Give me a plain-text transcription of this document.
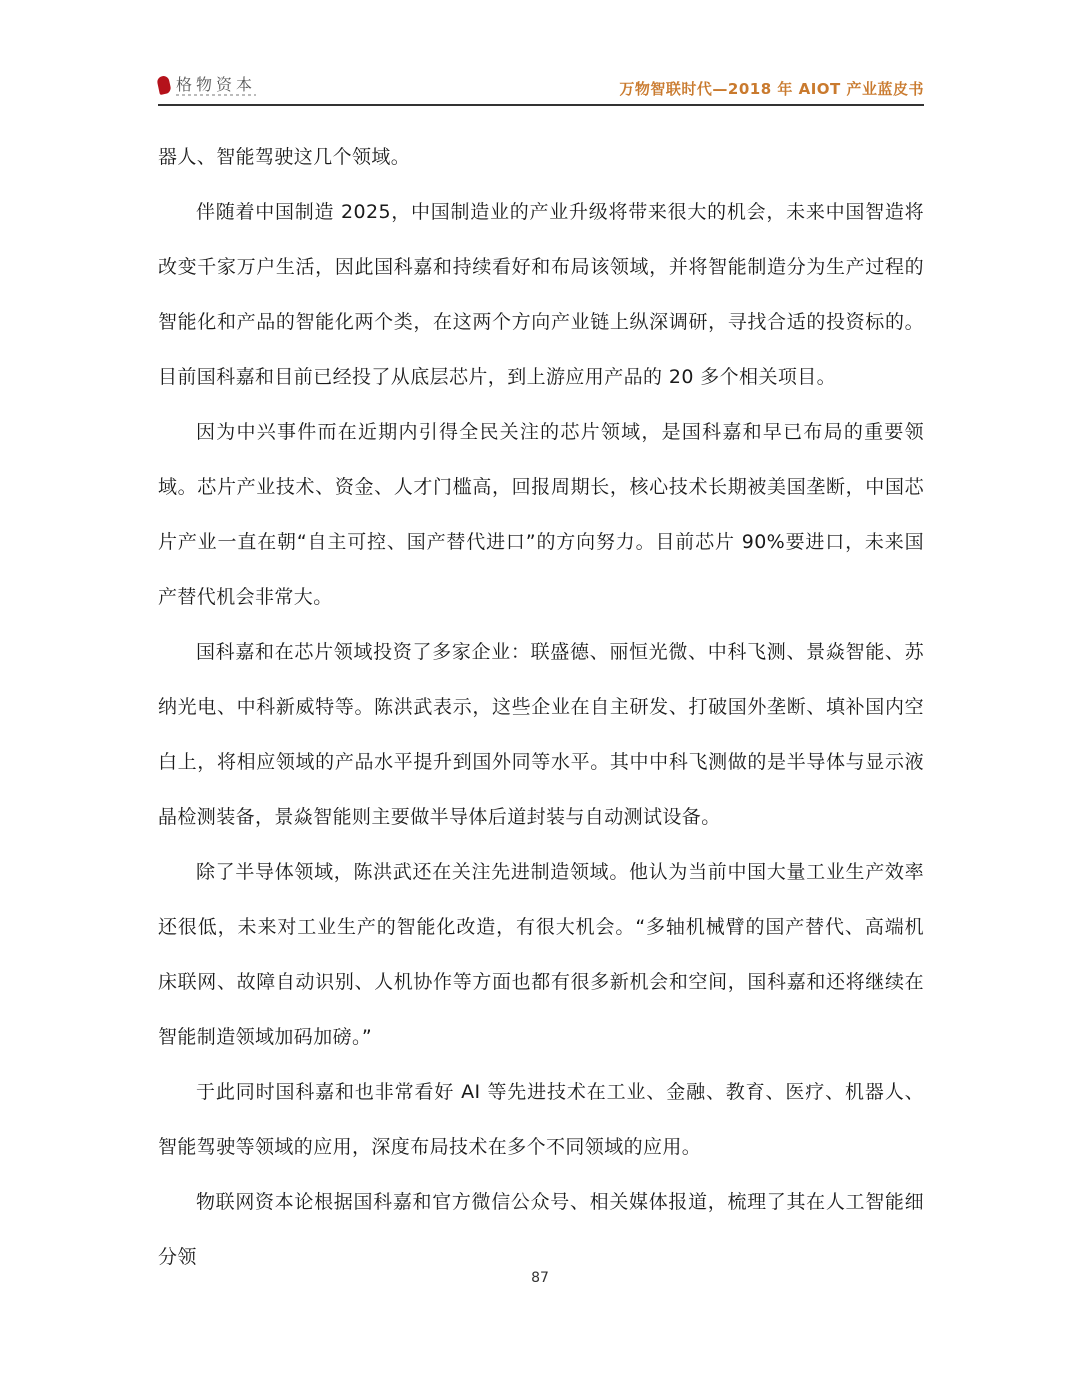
格物资本	万物智联时代—2018 年 AIOT 产业蓝皮书

器人、智能驾驶这几个领域。

伴随着中国制造 2025，中国制造业的产业升级将带来很大的机会，未来中国智造将改变千家万户生活，因此国科嘉和持续看好和布局该领域，并将智能制造分为生产过程的智能化和产品的智能化两个类，在这两个方向产业链上纵深调研，寻找合适的投资标的。目前国科嘉和目前已经投了从底层芯片，到上游应用产品的 20 多个相关项目。

因为中兴事件而在近期内引得全民关注的芯片领域，是国科嘉和早已布局的重要领域。芯片产业技术、资金、人才门槛高，回报周期长，核心技术长期被美国垄断，中国芯片产业一直在朝“自主可控、国产替代进口”的方向努力。目前芯片 90%要进口，未来国产替代机会非常大。

国科嘉和在芯片领域投资了多家企业：联盛德、丽恒光微、中科飞测、景焱智能、苏纳光电、中科新威特等。陈洪武表示，这些企业在自主研发、打破国外垄断、填补国内空白上，将相应领域的产品水平提升到国外同等水平。其中中科飞测做的是半导体与显示液晶检测装备，景焱智能则主要做半导体后道封装与自动测试设备。

除了半导体领域，陈洪武还在关注先进制造领域。他认为当前中国大量工业生产效率还很低，未来对工业生产的智能化改造，有很大机会。“多轴机械臂的国产替代、高端机床联网、故障自动识别、人机协作等方面也都有很多新机会和空间，国科嘉和还将继续在智能制造领域加码加磅。”

于此同时国科嘉和也非常看好 AI 等先进技术在工业、金融、教育、医疗、机器人、智能驾驶等领域的应用，深度布局技术在多个不同领域的应用。

物联网资本论根据国科嘉和官方微信公众号、相关媒体报道，梳理了其在人工智能细分领

87
